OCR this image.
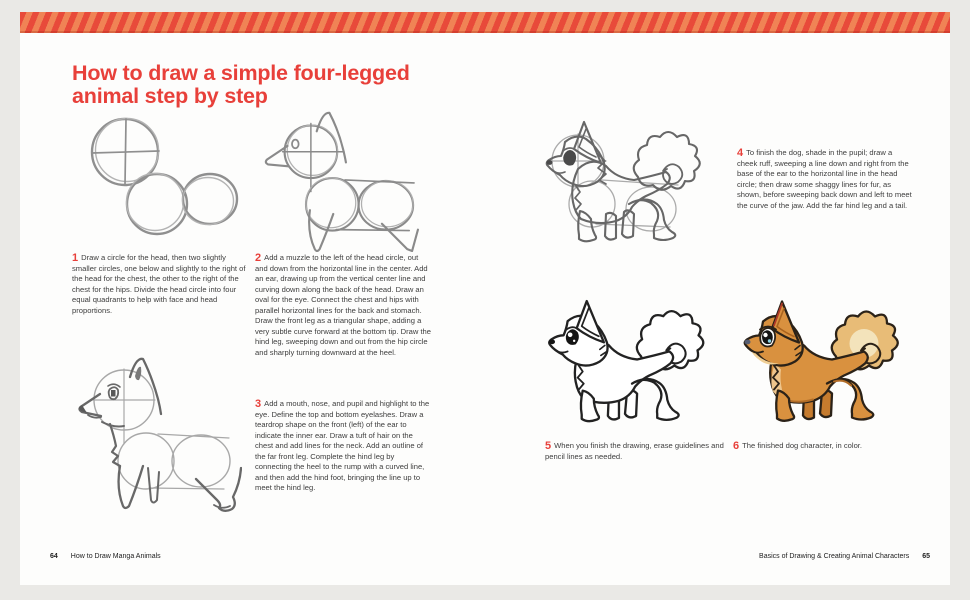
How to draw a simple four-legged
animal step by step
1 Draw a circle for the head, then two slightly smaller circles, one below and slightly to the right of the head for the chest, the other to the right of the chest for the hips. Divide the head circle into four equal quadrants to help with face and head proportions.
2 Add a muzzle to the left of the head circle, out and down from the horizontal line in the center. Add an ear, drawing up from the vertical center line and curving down along the back of the head. Draw an oval for the eye. Connect the chest and hips with parallel horizontal lines for the back and stomach. Draw the front leg as a triangular shape, adding a very subtle curve forward at the bottom tip. Draw the hind leg, sweeping down and out from the hip circle and sharply turning downward at the heel.
3 Add a mouth, nose, and pupil and highlight to the eye. Define the top and bottom eyelashes. Draw a teardrop shape on the front (left) of the ear to indicate the inner ear. Draw a tuft of hair on the chest and add lines for the neck. Add an outline of the far front leg. Complete the hind leg by connecting the heel to the rump with a curved line, and then add the hind foot, bringing the line up to meet the hind leg.
4 To finish the dog, shade in the pupil; draw a cheek ruff, sweeping a line down and right from the base of the ear to the horizontal line in the head circle; then draw some shaggy lines for fur, as shown, before sweeping back down and left to meet the curve of the jaw. Add the far hind leg and a tail.
5 When you finish the drawing, erase guidelines and pencil lines as needed.
6 The finished dog character, in color.
64 How to Draw Manga Animals	Basics of Drawing & Creating Animal Characters 65
